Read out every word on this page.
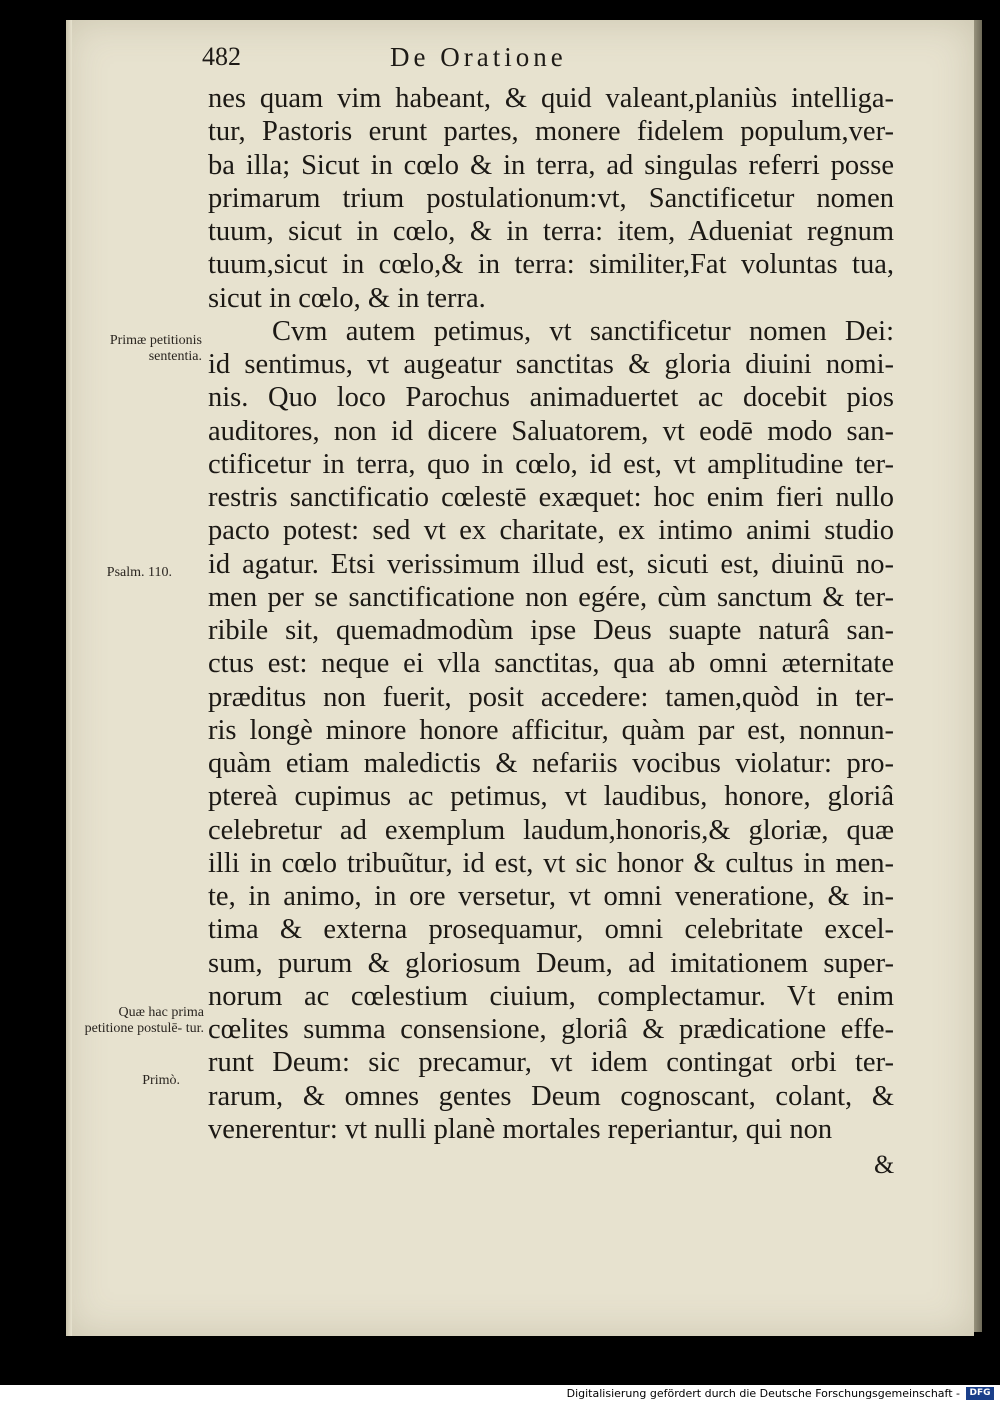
482	De Oratione
nes quam vim habeant, & quid valeant,planiùs intelliga-
tur, Pastoris erunt partes, monere fidelem populum,ver-
ba illa; Sicut in cœlo & in terra, ad singulas referri posse
primarum trium postulationum:vt, Sanctificetur nomen
tuum, sicut in cœlo, & in terra: item, Adueniat regnum
tuum,sicut in cœlo,& in terra: similiter,Fat voluntas tua,
sicut in cœlo, & in terra.
Cvm autem petimus, vt sanctificetur nomen Dei:
id sentimus, vt augeatur sanctitas & gloria diuini nomi-
nis. Quo loco Parochus animaduertet ac docebit pios
auditores, non id dicere Saluatorem, vt eodē modo san-
ctificetur in terra, quo in cœlo, id est, vt amplitudine ter-
restris sanctificatio cœlestē exæquet: hoc enim fieri nullo
pacto potest: sed vt ex charitate, ex intimo animi studio
id agatur. Etsi verissimum illud est, sicuti est, diuinū no-
men per se sanctificatione non egére, cùm sanctum & ter-
ribile sit, quemadmodùm ipse Deus suapte naturâ san-
ctus est: neque ei vlla sanctitas, qua ab omni æternitate
præditus non fuerit, posit accedere: tamen,quòd in ter-
ris longè minore honore afficitur, quàm par est, nonnun-
quàm etiam maledictis & nefariis vocibus violatur: pro-
ptereà cupimus ac petimus, vt laudibus, honore, gloriâ
celebretur ad exemplum laudum,honoris,& gloriæ, quæ
illi in cœlo tribuũtur, id est, vt sic honor & cultus in men-
te, in animo, in ore versetur, vt omni veneratione, & in-
tima & externa prosequamur, omni celebritate excel-
sum, purum & gloriosum Deum, ad imitationem super-
norum ac cœlestium ciuium, complectamur. Vt enim
cœlites summa consensione, gloriâ & prædicatione effe-
runt Deum: sic precamur, vt idem contingat orbi ter-
rarum, & omnes gentes Deum cognoscant, colant, &
venerentur: vt nulli planè mortales reperiantur, qui non
&
Primæ petitionis sententia.
Psalm. 110.
Quæ hac prima petitione postulē- tur.
Primò.
Digitalisierung gefördert durch die Deutsche Forschungsgemeinschaft -	DFG
